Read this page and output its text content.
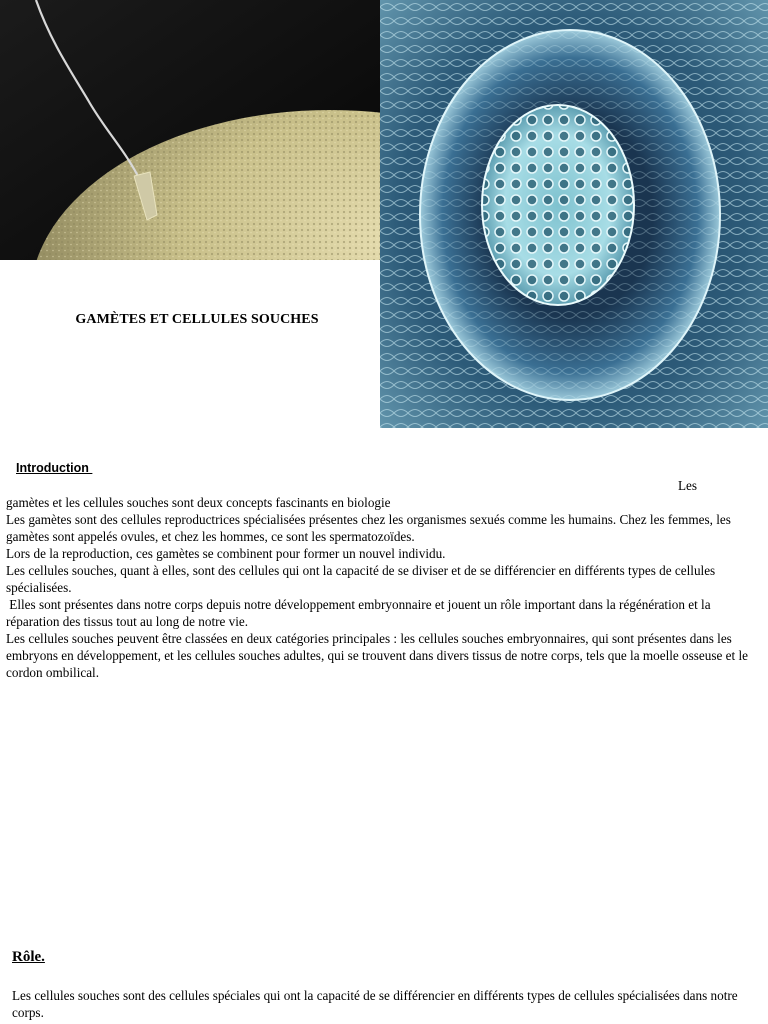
GAMÈTES ET CELLULES SOUCHES
Introduction
Les

gamètes et les cellules souches sont deux concepts fascinants en biologie

Les gamètes sont des cellules reproductrices spécialisées présentes chez les organismes sexués comme les humains. Chez les femmes, les gamètes sont appelés ovules, et chez les hommes, ce sont les spermatozoïdes.

Lors de la reproduction, ces gamètes se combinent pour former un nouvel individu.

Les cellules souches, quant à elles, sont des cellules qui ont la capacité de se diviser et de se différencier en différents types de cellules spécialisées.

Elles sont présentes dans notre corps depuis notre développement embryonnaire et jouent un rôle important dans la régénération et la réparation des tissus tout au long de notre vie.

Les cellules souches peuvent être classées en deux catégories principales : les cellules souches embryonnaires, qui sont présentes dans les embryons en développement, et les cellules souches adultes, qui se trouvent dans divers tissus de notre corps, tels que la moelle osseuse et le cordon ombilical.

Rôle.

Les cellules souches sont des cellules spéciales qui ont la capacité de se différencier en différents types de cellules spécialisées dans notre corps.
